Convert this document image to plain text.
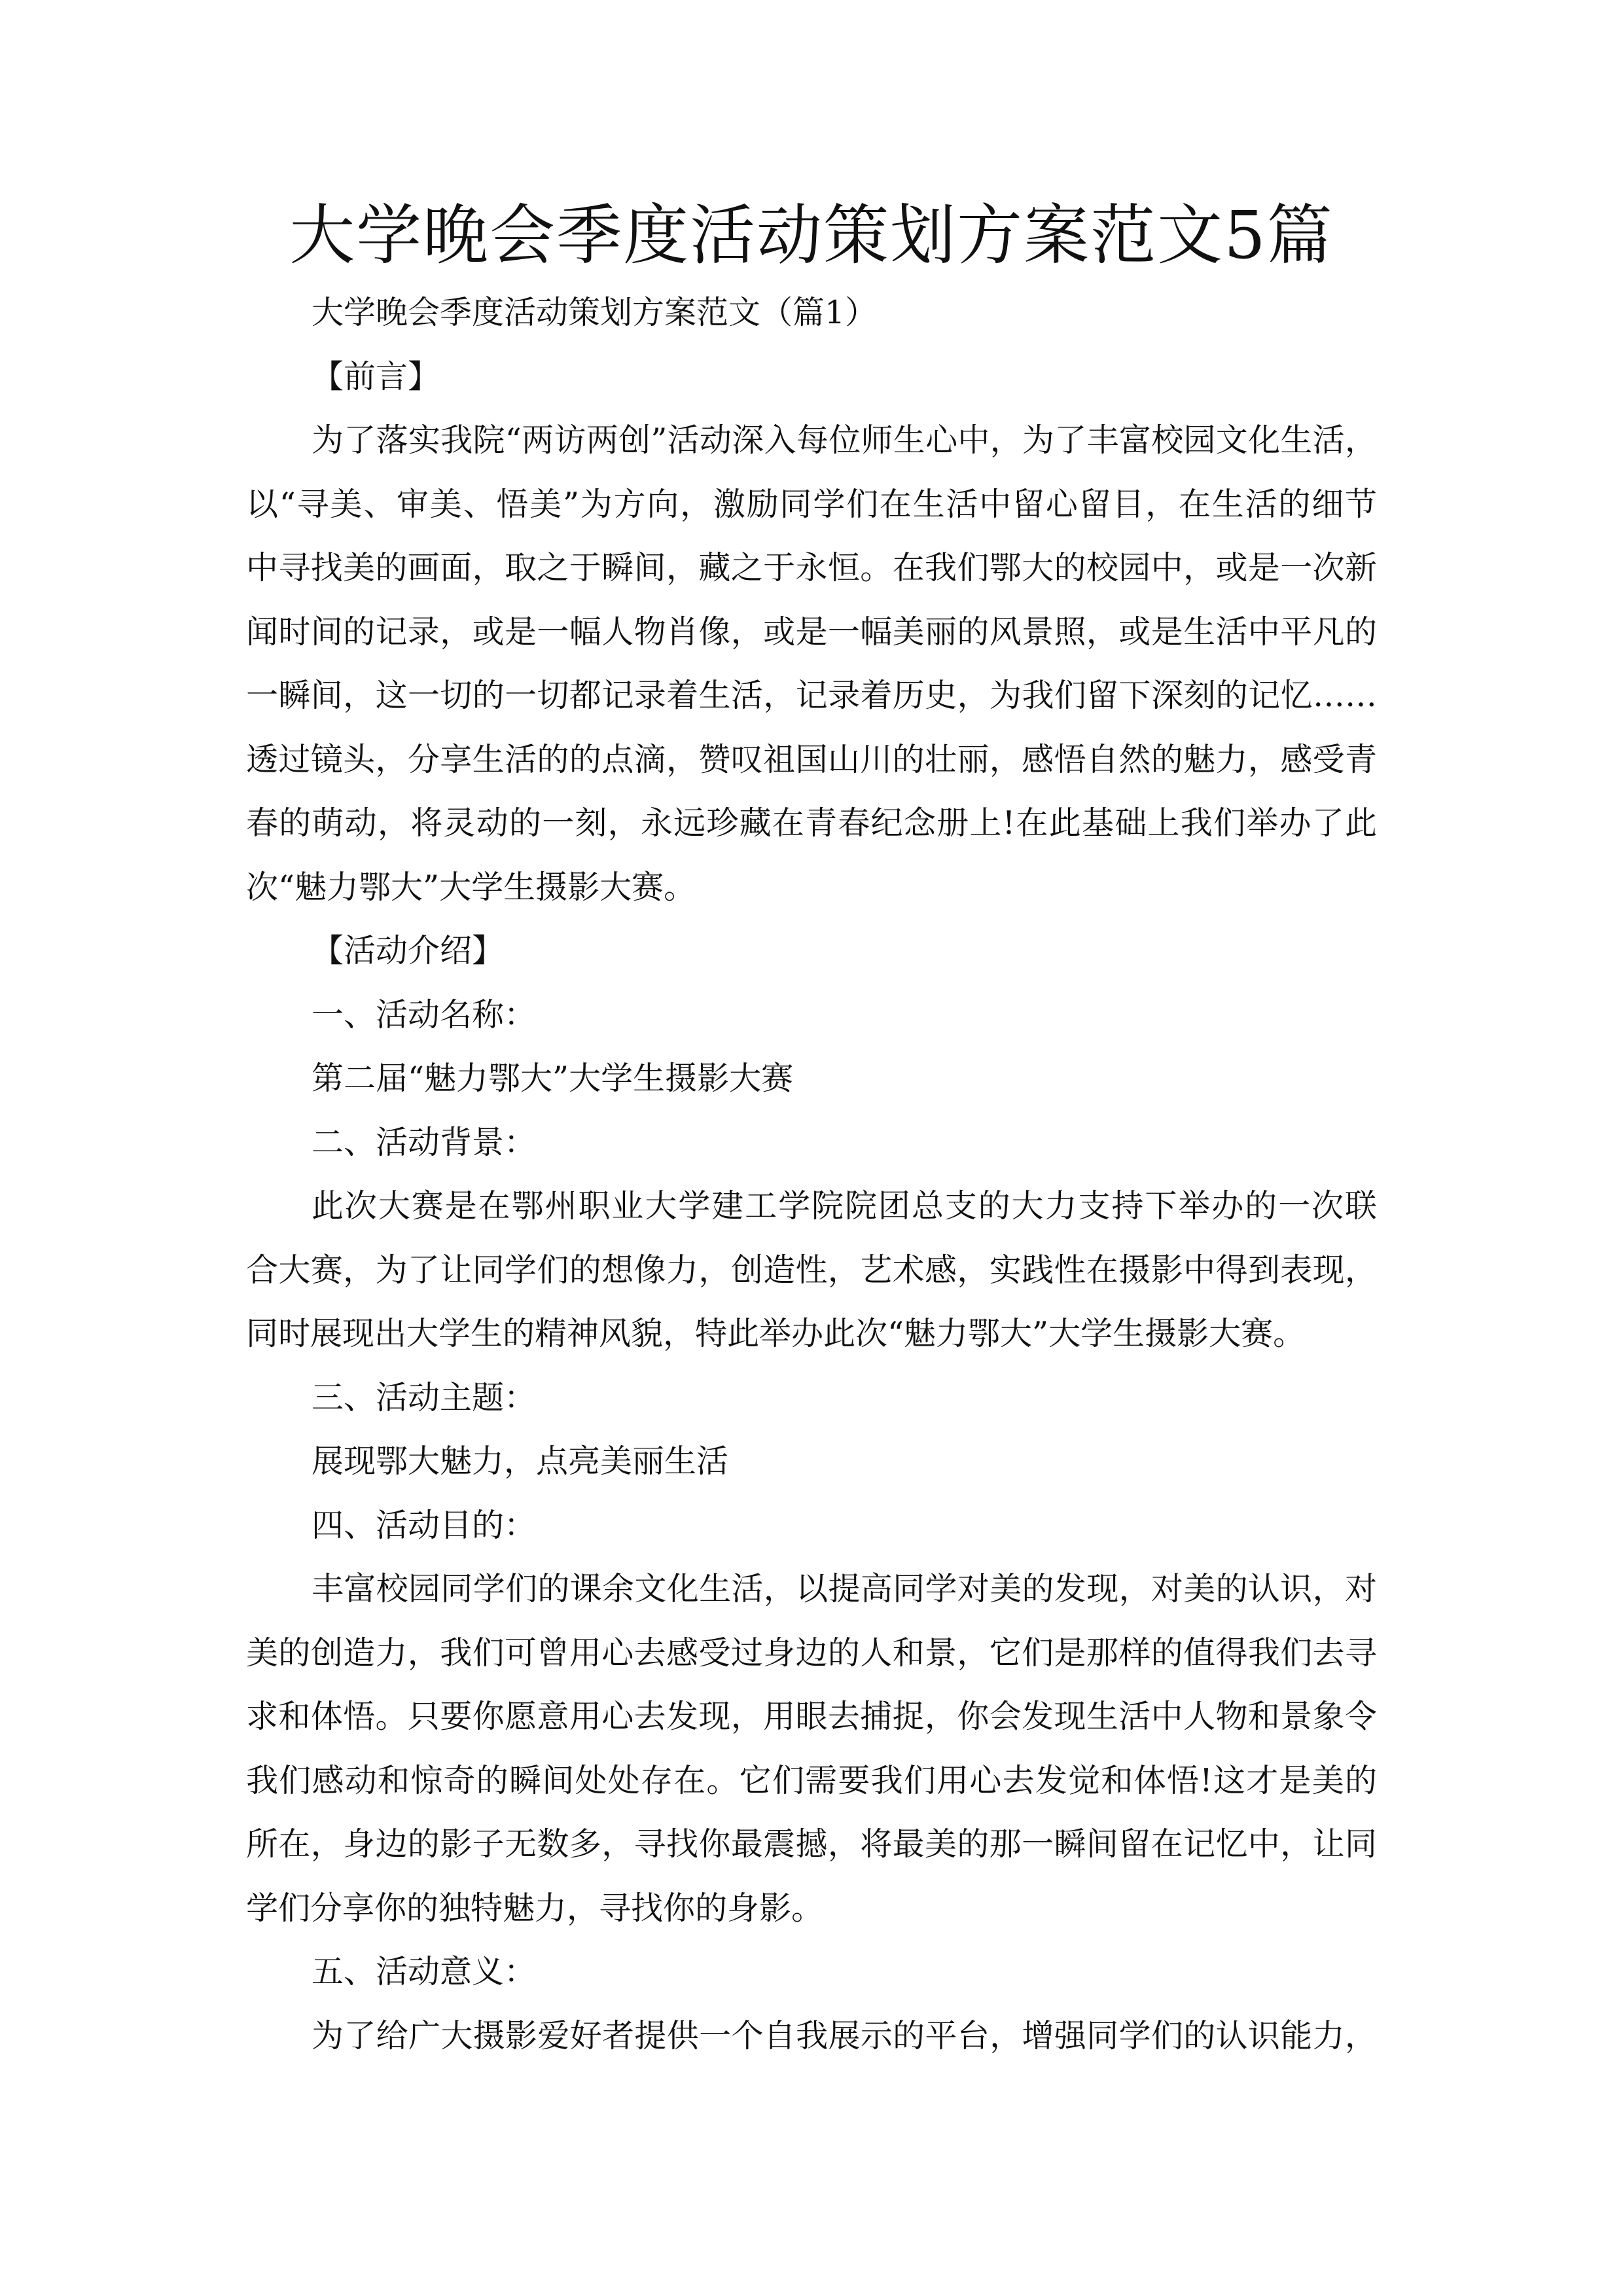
大学晚会季度活动策划方案范文5篇
大学晚会季度活动策划方案范文（篇1）
【前言】
为了落实我院“两访两创”活动深入每位师生心中，为了丰富校园文化生活，
以“寻美、审美、悟美”为方向，激励同学们在生活中留心留目，在生活的细节
中寻找美的画面，取之于瞬间，藏之于永恒。在我们鄂大的校园中，或是一次新
闻时间的记录，或是一幅人物肖像，或是一幅美丽的风景照，或是生活中平凡的
一瞬间，这一切的一切都记录着生活，记录着历史，为我们留下深刻的记忆……
透过镜头，分享生活的的点滴，赞叹祖国山川的壮丽，感悟自然的魅力，感受青
春的萌动，将灵动的一刻，永远珍藏在青春纪念册上!在此基础上我们举办了此
次“魅力鄂大”大学生摄影大赛。
【活动介绍】
一、活动名称：
第二届“魅力鄂大”大学生摄影大赛
二、活动背景：
此次大赛是在鄂州职业大学建工学院院团总支的大力支持下举办的一次联
合大赛，为了让同学们的想像力，创造性，艺术感，实践性在摄影中得到表现，
同时展现出大学生的精神风貌，特此举办此次“魅力鄂大”大学生摄影大赛。
三、活动主题：
展现鄂大魅力，点亮美丽生活
四、活动目的：
丰富校园同学们的课余文化生活，以提高同学对美的发现，对美的认识，对
美的创造力，我们可曾用心去感受过身边的人和景，它们是那样的值得我们去寻
求和体悟。只要你愿意用心去发现，用眼去捕捉，你会发现生活中人物和景象令
我们感动和惊奇的瞬间处处存在。它们需要我们用心去发觉和体悟!这才是美的
所在，身边的影子无数多，寻找你最震撼，将最美的那一瞬间留在记忆中，让同
学们分享你的独特魅力，寻找你的身影。
五、活动意义：
为了给广大摄影爱好者提供一个自我展示的平台，增强同学们的认识能力，
